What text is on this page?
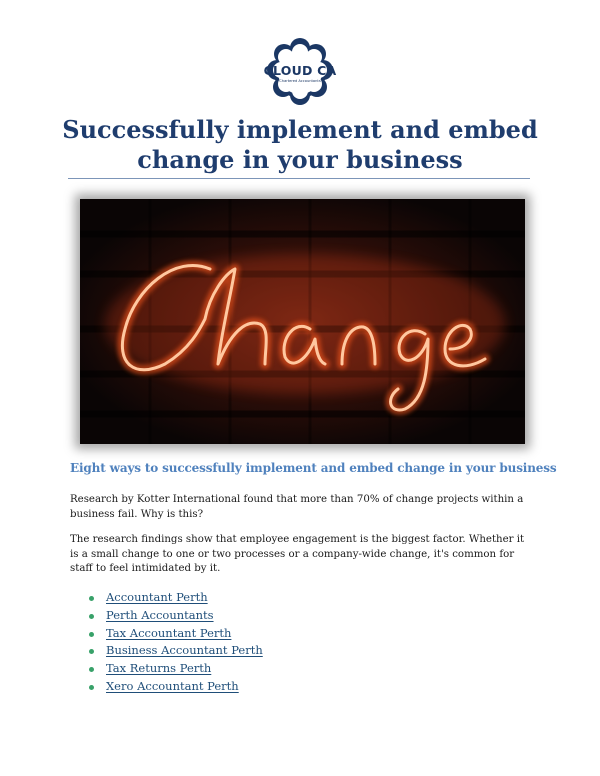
CLOUD CA
Chartered Accountants
Successfully implement and embed change in your business
Eight ways to successfully implement and embed change in your business

Research by Kotter International found that more than 70% of change projects within a business fail. Why is this?

The research findings show that employee engagement is the biggest factor. Whether it is a small change to one or two processes or a company-wide change, it's common for staff to feel intimidated by it.

Accountant Perth
Perth Accountants
Tax Accountant Perth
Business Accountant Perth
Tax Returns Perth
Xero Accountant Perth
